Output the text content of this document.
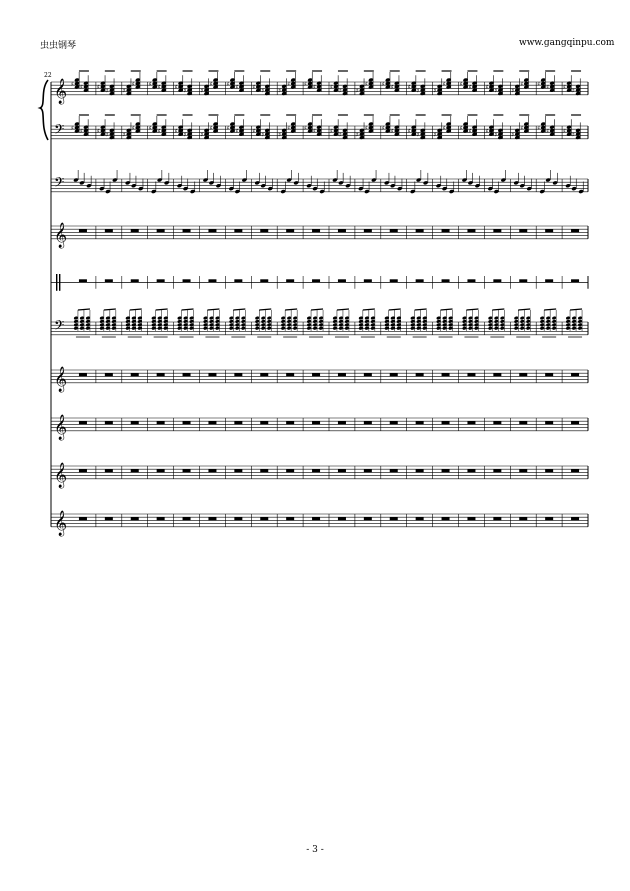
虫虫钢琴	www.gangqinpu.com
22
𝄞 ♯ ♯ ♯ ♯ ♯
♯ ♯ ♯ ♯ ♯ ♯
♯ ♯ ♯ ♯ ♯ ♯
♯ ♯ ♯ ♯ ♯ ♯
♯ ♯ ♯ ♯ ♯ ♯
♯ ♯ ♯ ♯ ♯ ♯
♯ ♯ ♯ ♯ ♯
𝄢 ♯ ♯ ♯ ♯ ♯
♯ ♯ ♯ ♯ ♯ ♯
♯ ♯ ♯ ♯ ♯ ♯
♯ ♯ ♯ ♯ ♯ ♯
♯ ♯ ♯ ♯ ♯ ♯
♯ ♯ ♯ ♯ ♯ ♯
♯ ♯ ♯ ♯ ♯
𝄢
𝄞
𝄢
𝄞
𝄞
𝄞
𝄞
- 3 -
